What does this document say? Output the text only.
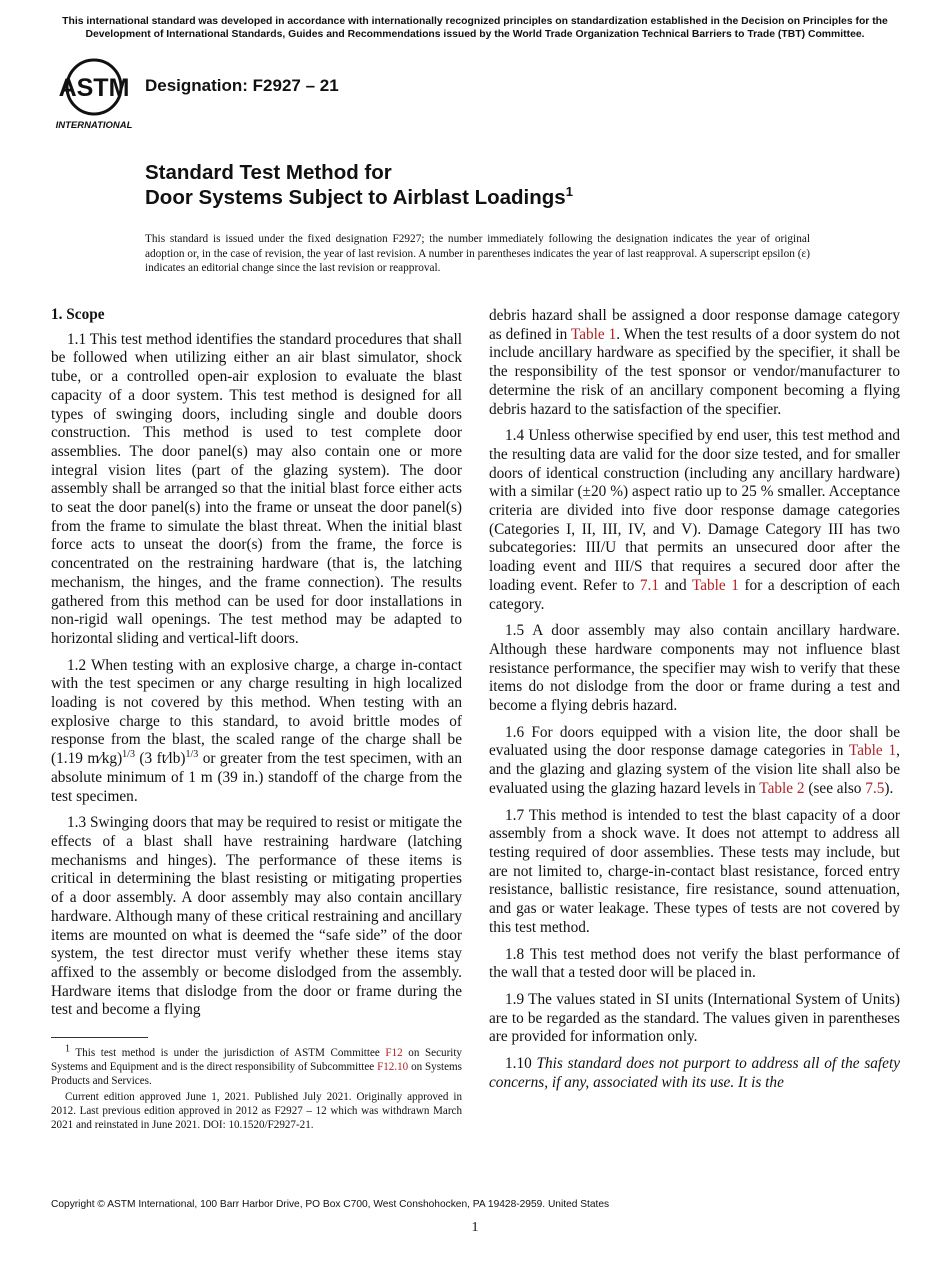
This international standard was developed in accordance with internationally recognized principles on standardization established in the Decision on Principles for the Development of International Standards, Guides and Recommendations issued by the World Trade Organization Technical Barriers to Trade (TBT) Committee.
ASTM
INTERNATIONAL
Designation: F2927 – 21
Standard Test Method for
Door Systems Subject to Airblast Loadings$^1$
This standard is issued under the fixed designation F2927; the number immediately following the designation indicates the year of original adoption or, in the case of revision, the year of last revision. A number in parentheses indicates the year of last reapproval. A superscript epsilon (ε) indicates an editorial change since the last revision or reapproval.
1. Scope

1.1 This test method identifies the standard procedures that shall be followed when utilizing either an air blast simulator, shock tube, or a controlled open-air explosion to evaluate the blast capacity of a door system. This test method is designed for all types of swinging doors, including single and double doors construction. This method is used to test complete door assemblies. The door panel(s) may also contain one or more integral vision lites (part of the glazing system). The door assembly shall be arranged so that the initial blast force either acts to seat the door panel(s) into the frame or unseat the door panel(s) from the frame to simulate the blast threat. When the initial blast force acts to unseat the door(s) from the frame, the force is concentrated on the restraining hardware (that is, the latching mechanism, the hinges, and the frame connection). The results gathered from this method can be used for door installations in non-rigid wall openings. The test method may be adapted to horizontal sliding and vertical-lift doors.

1.2 When testing with an explosive charge, a charge in-contact with the test specimen or any charge resulting in high localized loading is not covered by this method. When testing with an explosive charge to this standard, to avoid brittle modes of response from the blast, the scaled range of the charge shall be (1.19 m⁄kg)$^{1/3}$ (3 ft⁄lb)$^{1/3}$ or greater from the test specimen, with an absolute minimum of 1 m (39 in.) standoff of the charge from the test specimen.

1.3 Swinging doors that may be required to resist or mitigate the effects of a blast shall have restraining hardware (latching mechanisms and hinges). The performance of these items is critical in determining the blast resisting or mitigating properties of a door assembly. A door assembly may also contain ancillary hardware. Although many of these critical restraining and ancillary items are mounted on what is deemed the “safe side” of the door system, the test director must verify whether these items stay affixed to the assembly or become dislodged from the assembly. Hardware items that dislodge from the door or frame during the test and become a flying

debris hazard shall be assigned a door response damage category as defined in Table 1. When the test results of a door system do not include ancillary hardware as specified by the specifier, it shall be the responsibility of the test sponsor or vendor/manufacturer to determine the risk of an ancillary component becoming a flying debris hazard to the satisfaction of the specifier.

1.4 Unless otherwise specified by end user, this test method and the resulting data are valid for the door size tested, and for smaller doors of identical construction (including any ancillary hardware) with a similar (±20 %) aspect ratio up to 25 % smaller. Acceptance criteria are divided into five door response damage categories (Categories I, II, III, IV, and V). Damage Category III has two subcategories: III/U that permits an unsecured door after the loading event and III/S that requires a secured door after the loading event. Refer to 7.1 and Table 1 for a description of each category.

1.5 A door assembly may also contain ancillary hardware. Although these hardware components may not influence blast resistance performance, the specifier may wish to verify that these items do not dislodge from the door or frame during a test and become a flying debris hazard.

1.6 For doors equipped with a vision lite, the door shall be evaluated using the door response damage categories in Table 1, and the glazing and glazing system of the vision lite shall also be evaluated using the glazing hazard levels in Table 2 (see also 7.5).

1.7 This method is intended to test the blast capacity of a door assembly from a shock wave. It does not attempt to address all testing required of door assemblies. These tests may include, but are not limited to, charge-in-contact blast resistance, forced entry resistance, ballistic resistance, fire resistance, sound attenuation, and gas or water leakage. These types of tests are not covered by this test method.

1.8 This test method does not verify the blast performance of the wall that a tested door will be placed in.

1.9 The values stated in SI units (International System of Units) are to be regarded as the standard. The values given in parentheses are provided for information only.

1.10 This standard does not purport to address all of the safety concerns, if any, associated with its use. It is the

$^1$ This test method is under the jurisdiction of ASTM Committee F12 on Security Systems and Equipment and is the direct responsibility of Subcommittee F12.10 on Systems Products and Services.

Current edition approved June 1, 2021. Published July 2021. Originally approved in 2012. Last previous edition approved in 2012 as F2927 – 12 which was withdrawn March 2021 and reinstated in June 2021. DOI: 10.1520/F2927-21.

Copyright © ASTM International, 100 Barr Harbor Drive, PO Box C700, West Conshohocken, PA 19428-2959. United States
1
